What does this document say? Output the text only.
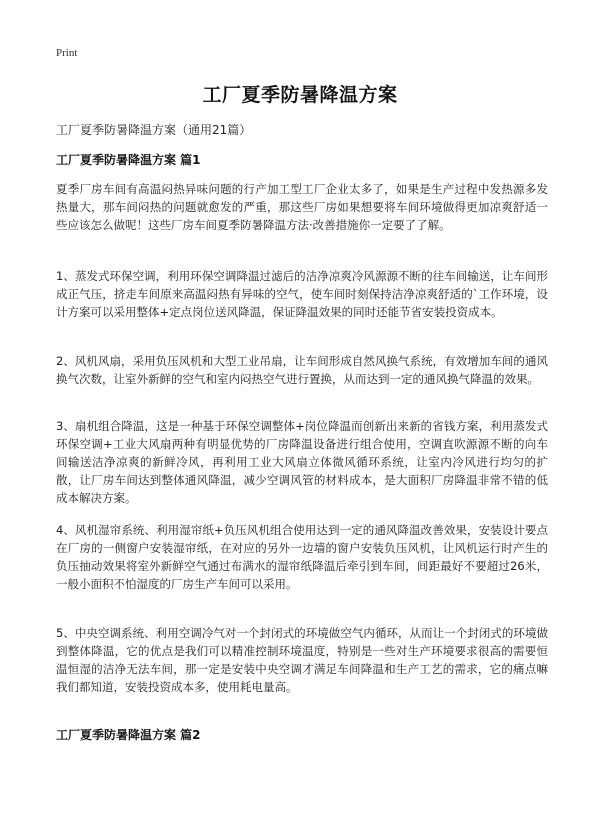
Print
工厂夏季防暑降温方案
工厂夏季防暑降温方案（通用21篇）
工厂夏季防暑降温方案 篇1

夏季厂房车间有高温闷热异味问题的行产加工型工厂企业太多了，如果是生产过程中发热源多发热量大，那车间闷热的问题就愈发的严重，那这些厂房如果想要将车间环境做得更加凉爽舒适一些应该怎么做呢！这些厂房车间夏季防暑降温方法·改善措施你一定要了了解。

1、蒸发式环保空调，利用环保空调降温过滤后的洁净凉爽冷风源源不断的往车间输送，让车间形成正气压，挤走车间原来高温闷热有异味的空气，使车间时刻保持洁净凉爽舒适的`工作环境，设计方案可以采用整体+定点岗位送风降温，保证降温效果的同时还能节省安装投资成本。

2、风机风扇，采用负压风机和大型工业吊扇，让车间形成自然风换气系统，有效增加车间的通风换气次数，让室外新鲜的空气和室内闷热空气进行置换，从而达到一定的通风换气降温的效果。

3、扇机组合降温，这是一种基于环保空调整体+岗位降温而创新出来新的省钱方案，利用蒸发式环保空调+工业大风扇两种有明显优势的厂房降温设备进行组合使用，空调直吹源源不断的向车间输送洁净凉爽的新鲜冷风，再利用工业大风扇立体微风循环系统，让室内冷风进行均匀的扩散，让厂房车间达到整体通风降温，减少空调风管的材料成本，是大面积厂房降温非常不错的低成本解决方案。

4、风机湿帘系统、利用湿帘纸+负压风机组合使用达到一定的通风降温改善效果，安装设计要点在厂房的一侧窗户安装湿帘纸，在对应的另外一边墙的窗户安装负压风机，让风机运行时产生的负压抽动效果将室外新鲜空气通过布满水的湿帘纸降温后牵引到车间，间距最好不要超过26米，一般小面积不怕湿度的厂房生产车间可以采用。

5、中央空调系统、利用空调冷气对一个封闭式的环境做空气内循环，从而让一个封闭式的环境做到整体降温，它的优点是我们可以精准控制环境温度，特别是一些对生产环境要求很高的需要恒温恒湿的洁净无法车间，那一定是安装中央空调才满足车间降温和生产工艺的需求，它的痛点嘛我们都知道，安装投资成本多，使用耗电量高。

工厂夏季防暑降温方案 篇2
